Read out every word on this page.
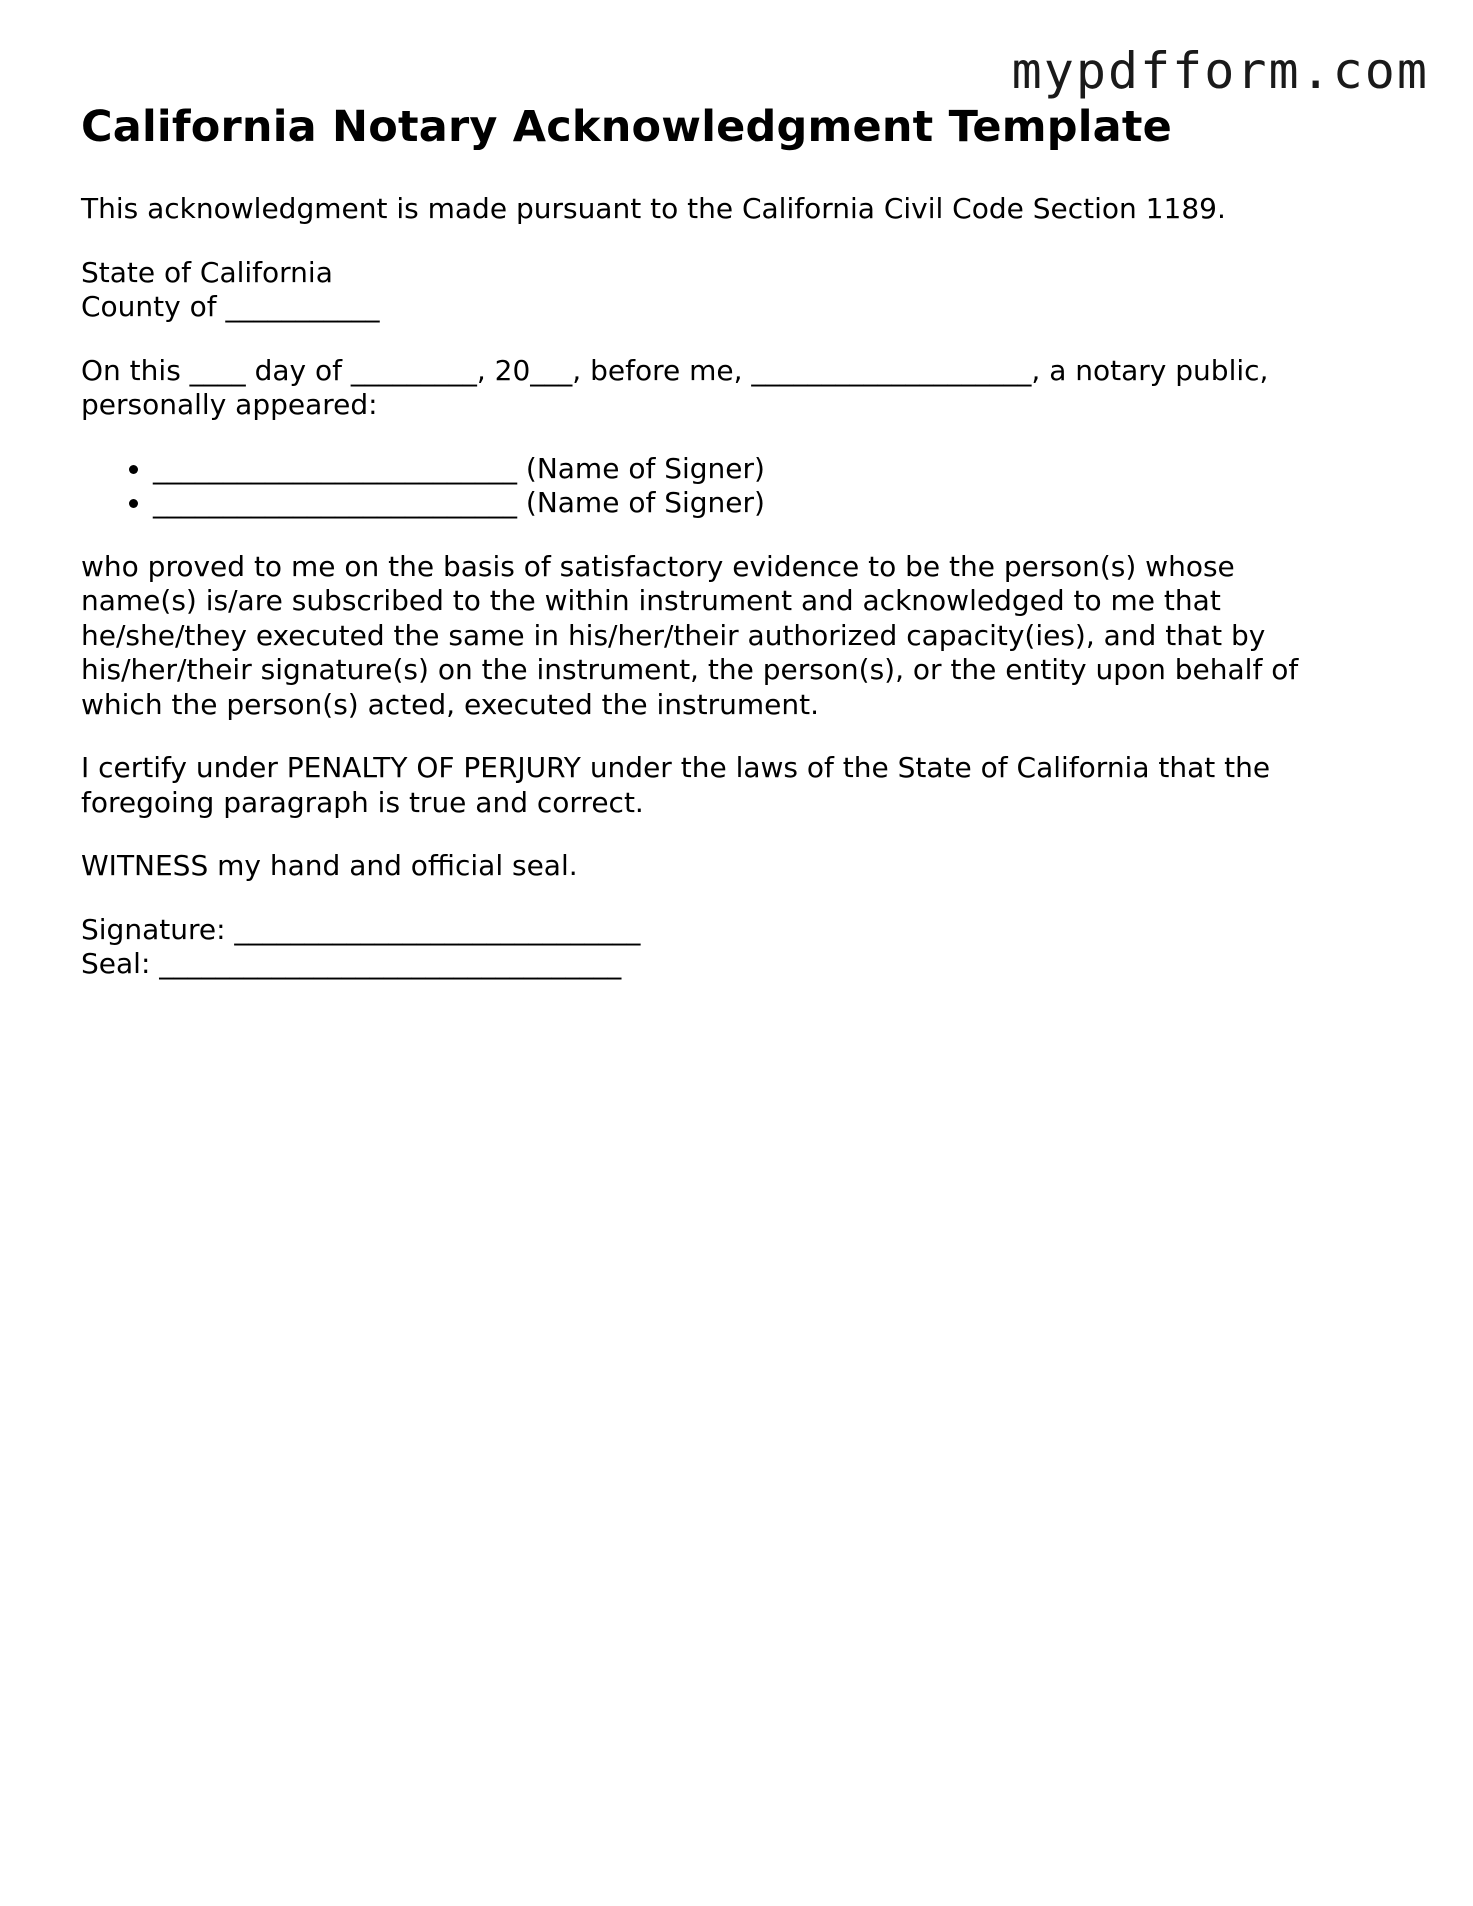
mypdfform.com
California Notary Acknowledgment Template

This acknowledgment is made pursuant to the California Civil Code Section 1189.

State of California
County of ___________

On this ____ day of _________, 20___, before me, ____________________, a notary public,
personally appeared:

• __________________________ (Name of Signer)
• __________________________ (Name of Signer)

who proved to me on the basis of satisfactory evidence to be the person(s) whose
name(s) is/are subscribed to the within instrument and acknowledged to me that
he/she/they executed the same in his/her/their authorized capacity(ies), and that by
his/her/their signature(s) on the instrument, the person(s), or the entity upon behalf of
which the person(s) acted, executed the instrument.

I certify under PENALTY OF PERJURY under the laws of the State of California that the
foregoing paragraph is true and correct.

WITNESS my hand and official seal.

Signature: _____________________________
Seal: _________________________________
